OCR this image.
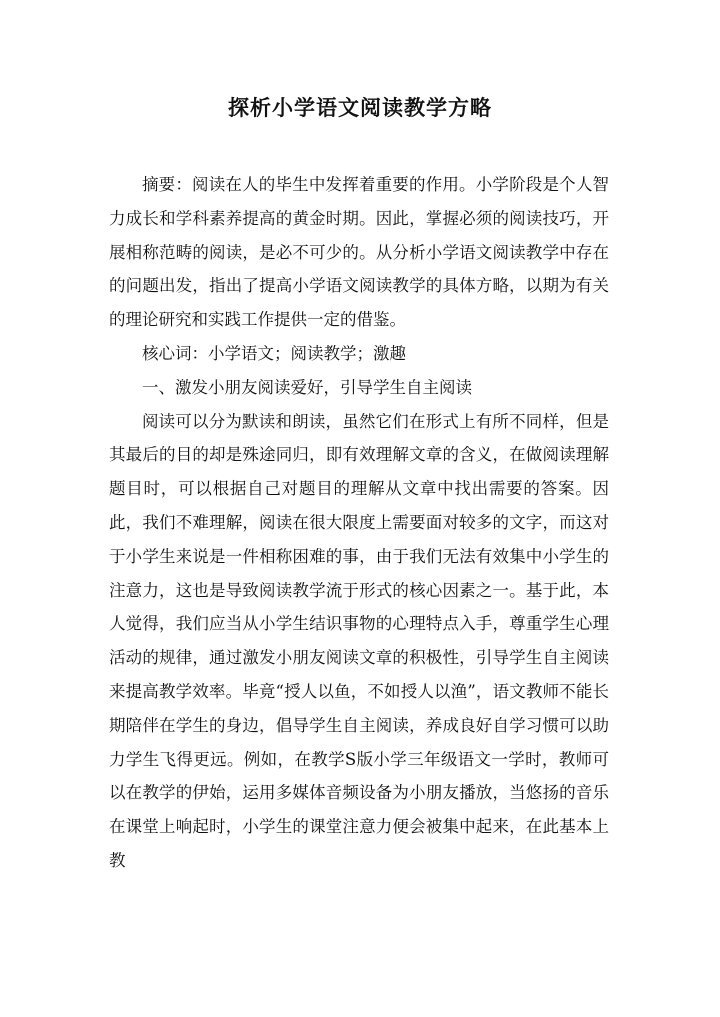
探析小学语文阅读教学方略

摘要：阅读在人的毕生中发挥着重要的作用。小学阶段是个人智力成长和学科素养提高的黄金时期。因此，掌握必须的阅读技巧，开展相称范畴的阅读，是必不可少的。从分析小学语文阅读教学中存在的问题出发，指出了提高小学语文阅读教学的具体方略，以期为有关的理论研究和实践工作提供一定的借鉴。

核心词：小学语文；阅读教学；激趣

一、激发小朋友阅读爱好，引导学生自主阅读

阅读可以分为默读和朗读，虽然它们在形式上有所不同样，但是其最后的目的却是殊途同归，即有效理解文章的含义，在做阅读理解题目时，可以根据自己对题目的理解从文章中找出需要的答案。因此，我们不难理解，阅读在很大限度上需要面对较多的文字，而这对于小学生来说是一件相称困难的事，由于我们无法有效集中小学生的注意力，这也是导致阅读教学流于形式的核心因素之一。基于此，本人觉得，我们应当从小学生结识事物的心理特点入手，尊重学生心理活动的规律，通过激发小朋友阅读文章的积极性，引导学生自主阅读来提高教学效率。毕竟“授人以鱼，不如授人以渔”，语文教师不能长期陪伴在学生的身边，倡导学生自主阅读，养成良好自学习惯可以助力学生飞得更远。例如，在教学S版小学三年级语文一学时，教师可以在教学的伊始，运用多媒体音频设备为小朋友播放，当悠扬的音乐在课堂上响起时，小学生的课堂注意力便会被集中起来，在此基本上教
